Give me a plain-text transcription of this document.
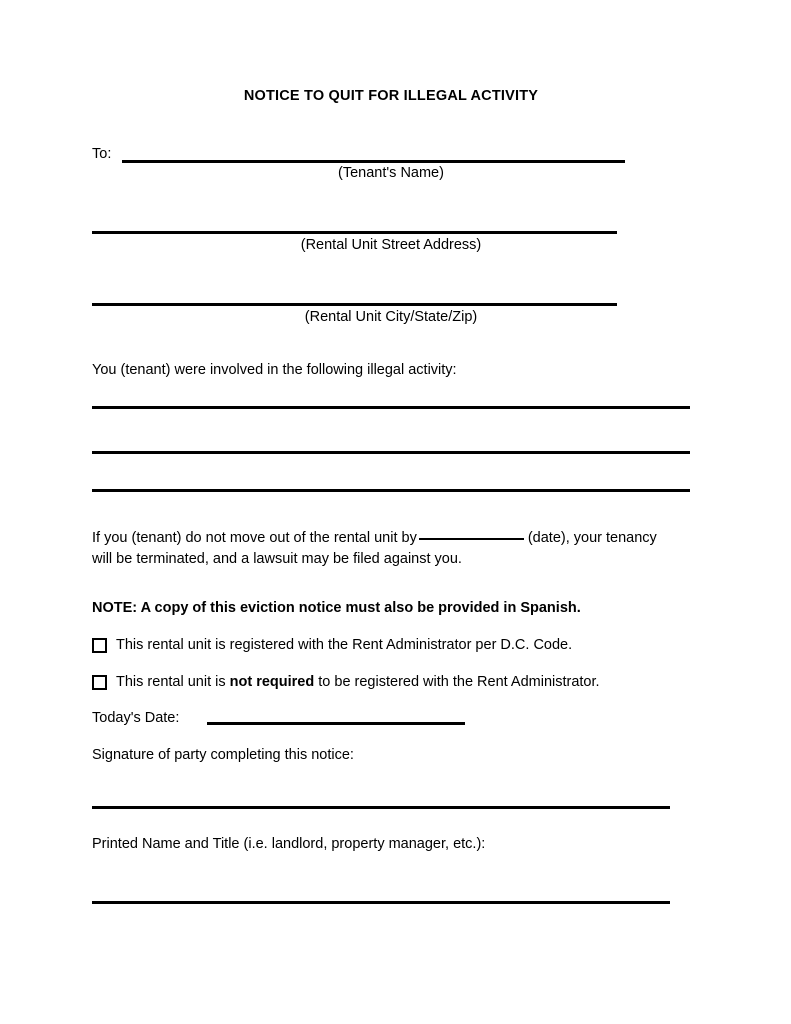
NOTICE TO QUIT FOR ILLEGAL ACTIVITY
To:
(Tenant's Name)
(Rental Unit Street Address)
(Rental Unit City/State/Zip)
You (tenant) were involved in the following illegal activity:
If you (tenant) do not move out of the rental unit by	(date), your tenancy will be terminated, and a lawsuit may be filed against you.
NOTE: A copy of this eviction notice must also be provided in Spanish.
This rental unit is registered with the Rent Administrator per D.C. Code.
This rental unit is not required to be registered with the Rent Administrator.
Today's Date:
Signature of party completing this notice:
Printed Name and Title (i.e. landlord, property manager, etc.):
